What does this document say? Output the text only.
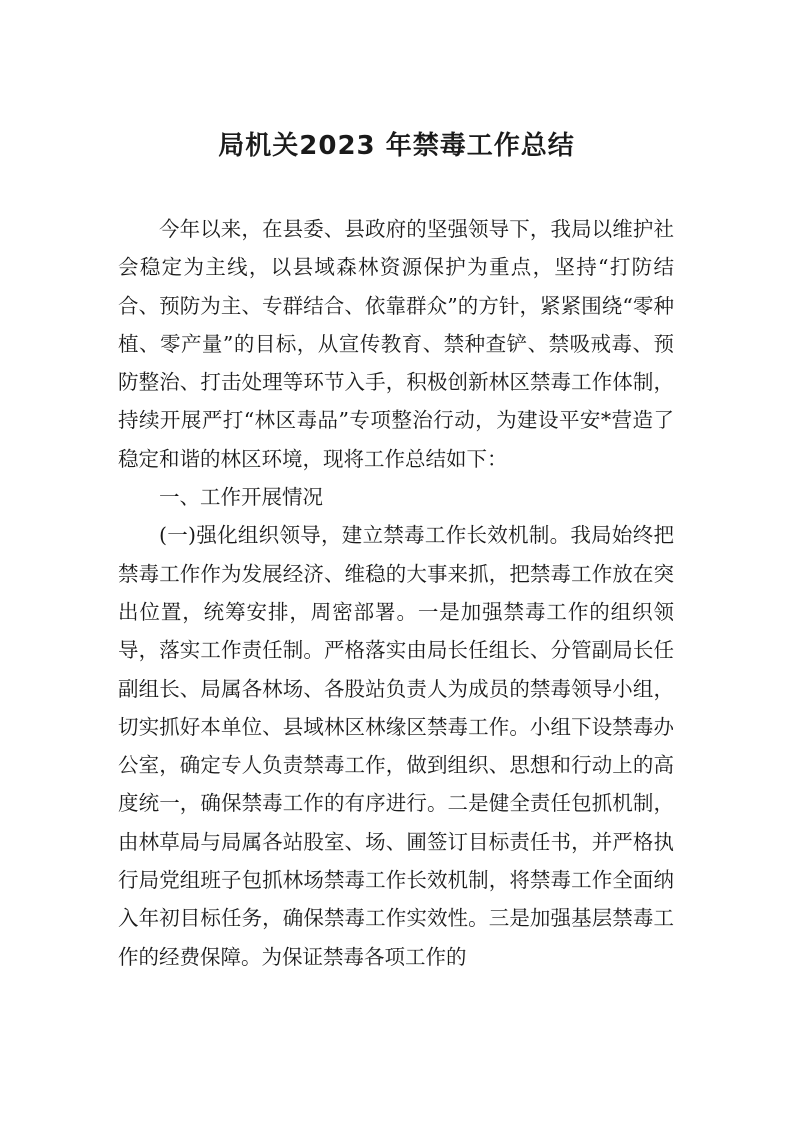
局机关2023 年禁毒工作总结

今年以来，在县委、县政府的坚强领导下，我局以维护社会稳定为主线，以县域森林资源保护为重点，坚持“打防结合、预防为主、专群结合、依靠群众”的方针，紧紧围绕“零种植、零产量”的目标，从宣传教育、禁种查铲、禁吸戒毒、预防整治、打击处理等环节入手，积极创新林区禁毒工作体制，持续开展严打“林区毒品”专项整治行动，为建设平安*营造了稳定和谐的林区环境，现将工作总结如下：

一、工作开展情况

(一)强化组织领导，建立禁毒工作长效机制。我局始终把禁毒工作作为发展经济、维稳的大事来抓，把禁毒工作放在突出位置，统筹安排，周密部署。一是加强禁毒工作的组织领导，落实工作责任制。严格落实由局长任组长、分管副局长任副组长、局属各林场、各股站负责人为成员的禁毒领导小组，切实抓好本单位、县域林区林缘区禁毒工作。小组下设禁毒办公室，确定专人负责禁毒工作，做到组织、思想和行动上的高度统一，确保禁毒工作的有序进行。二是健全责任包抓机制，由林草局与局属各站股室、场、圃签订目标责任书，并严格执行局党组班子包抓林场禁毒工作长效机制，将禁毒工作全面纳入年初目标任务，确保禁毒工作实效性。三是加强基层禁毒工作的经费保障。为保证禁毒各项工作的
